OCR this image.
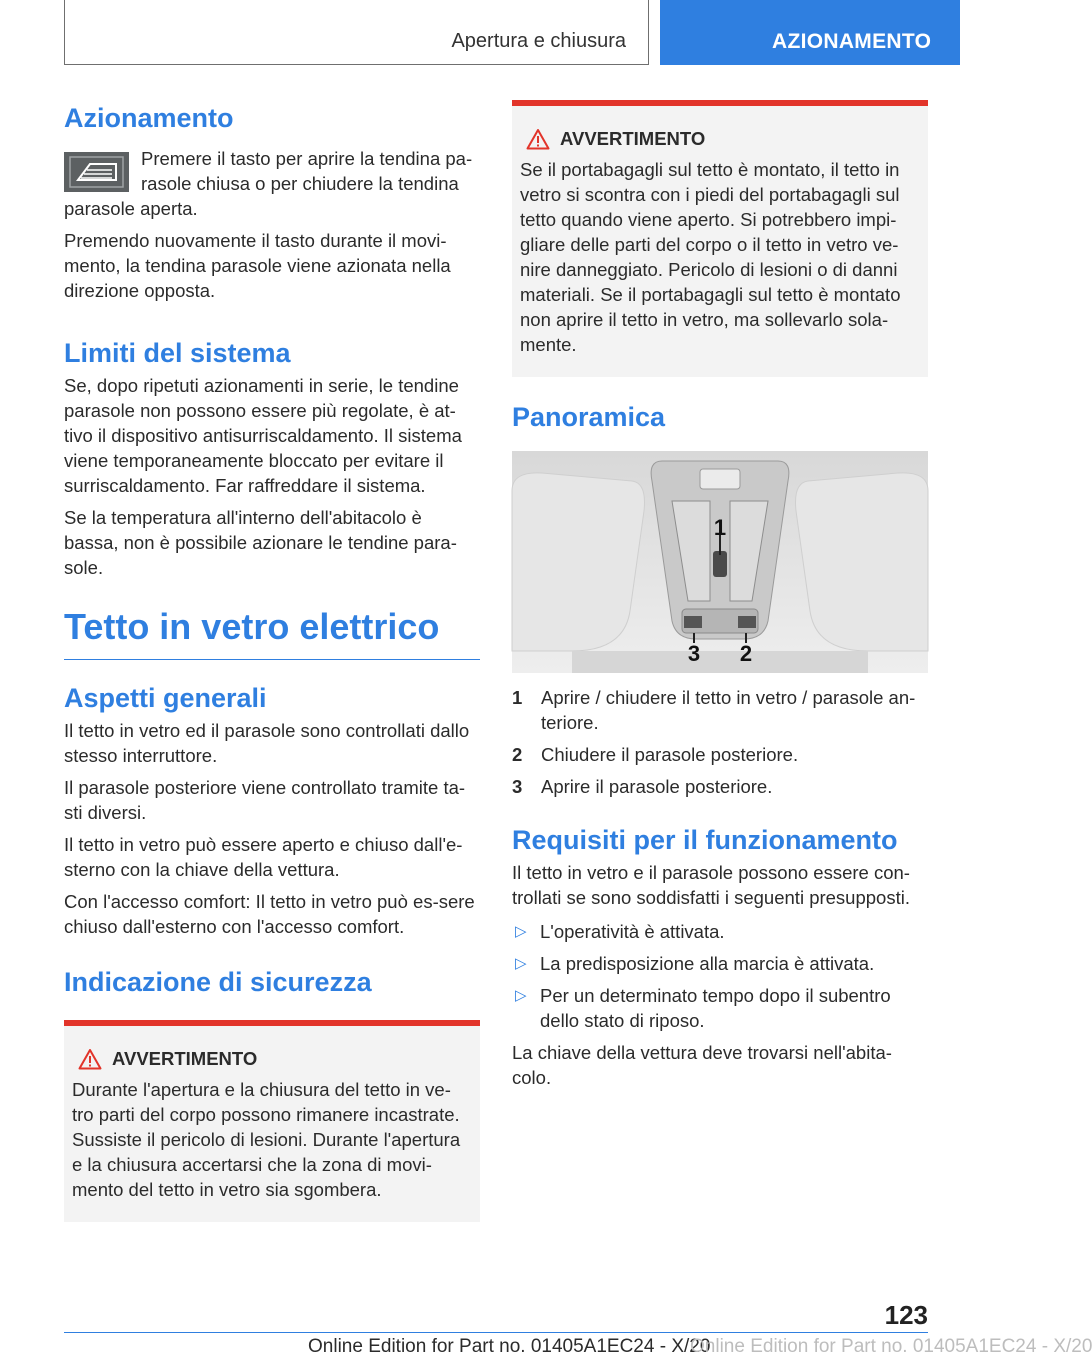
Apertura e chiusura	AZIONAMENTO
Azionamento
Premere il tasto per aprire la tendina pa-rasole chiusa o per chiudere la tendina parasole aperta.
Premendo nuovamente il tasto durante il movi-mento, la tendina parasole viene azionata nella direzione opposta.
Limiti del sistema
Se, dopo ripetuti azionamenti in serie, le tendine parasole non possono essere più regolate, è at-tivo il dispositivo antisurriscaldamento. Il sistema viene temporaneamente bloccato per evitare il surriscaldamento. Far raffreddare il sistema.
Se la temperatura all'interno dell'abitacolo è bassa, non è possibile azionare le tendine para-sole.
Tetto in vetro elettrico
Aspetti generali
Il tetto in vetro ed il parasole sono controllati dallo stesso interruttore.
Il parasole posteriore viene controllato tramite ta-sti diversi.
Il tetto in vetro può essere aperto e chiuso dall'e-sterno con la chiave della vettura.
Con l'accesso comfort: Il tetto in vetro può es-sere chiuso dall'esterno con l'accesso comfort.
Indicazione di sicurezza
AVVERTIMENTO
Durante l'apertura e la chiusura del tetto in ve-tro parti del corpo possono rimanere incastrate. Sussiste il pericolo di lesioni. Durante l'apertura e la chiusura accertarsi che la zona di movi-mento del tetto in vetro sia sgombera.
AVVERTIMENTO
Se il portabagagli sul tetto è montato, il tetto in vetro si scontra con i piedi del portabagagli sul tetto quando viene aperto. Si potrebbero impi-gliare delle parti del corpo o il tetto in vetro ve-nire danneggiato. Pericolo di lesioni o di danni materiali. Se il portabagagli sul tetto è montato non aprire il tetto in vetro, ma sollevarlo sola-mente.
Panoramica
1
3 2
1	Aprire / chiudere il tetto in vetro / parasole an-teriore.
2	Chiudere il parasole posteriore.
3	Aprire il parasole posteriore.
Requisiti per il funzionamento
Il tetto in vetro e il parasole possono essere con-trollati se sono soddisfatti i seguenti presupposti.
▷ L'operatività è attivata.
▷ La predisposizione alla marcia è attivata.
▷ Per un determinato tempo dopo il subentro dello stato di riposo.
La chiave della vettura deve trovarsi nell'abita-colo.
123
Online Edition for Part no. 01405A1EC24 - X/20
Online Edition for Part no. 01405A1EC24 - X/20
